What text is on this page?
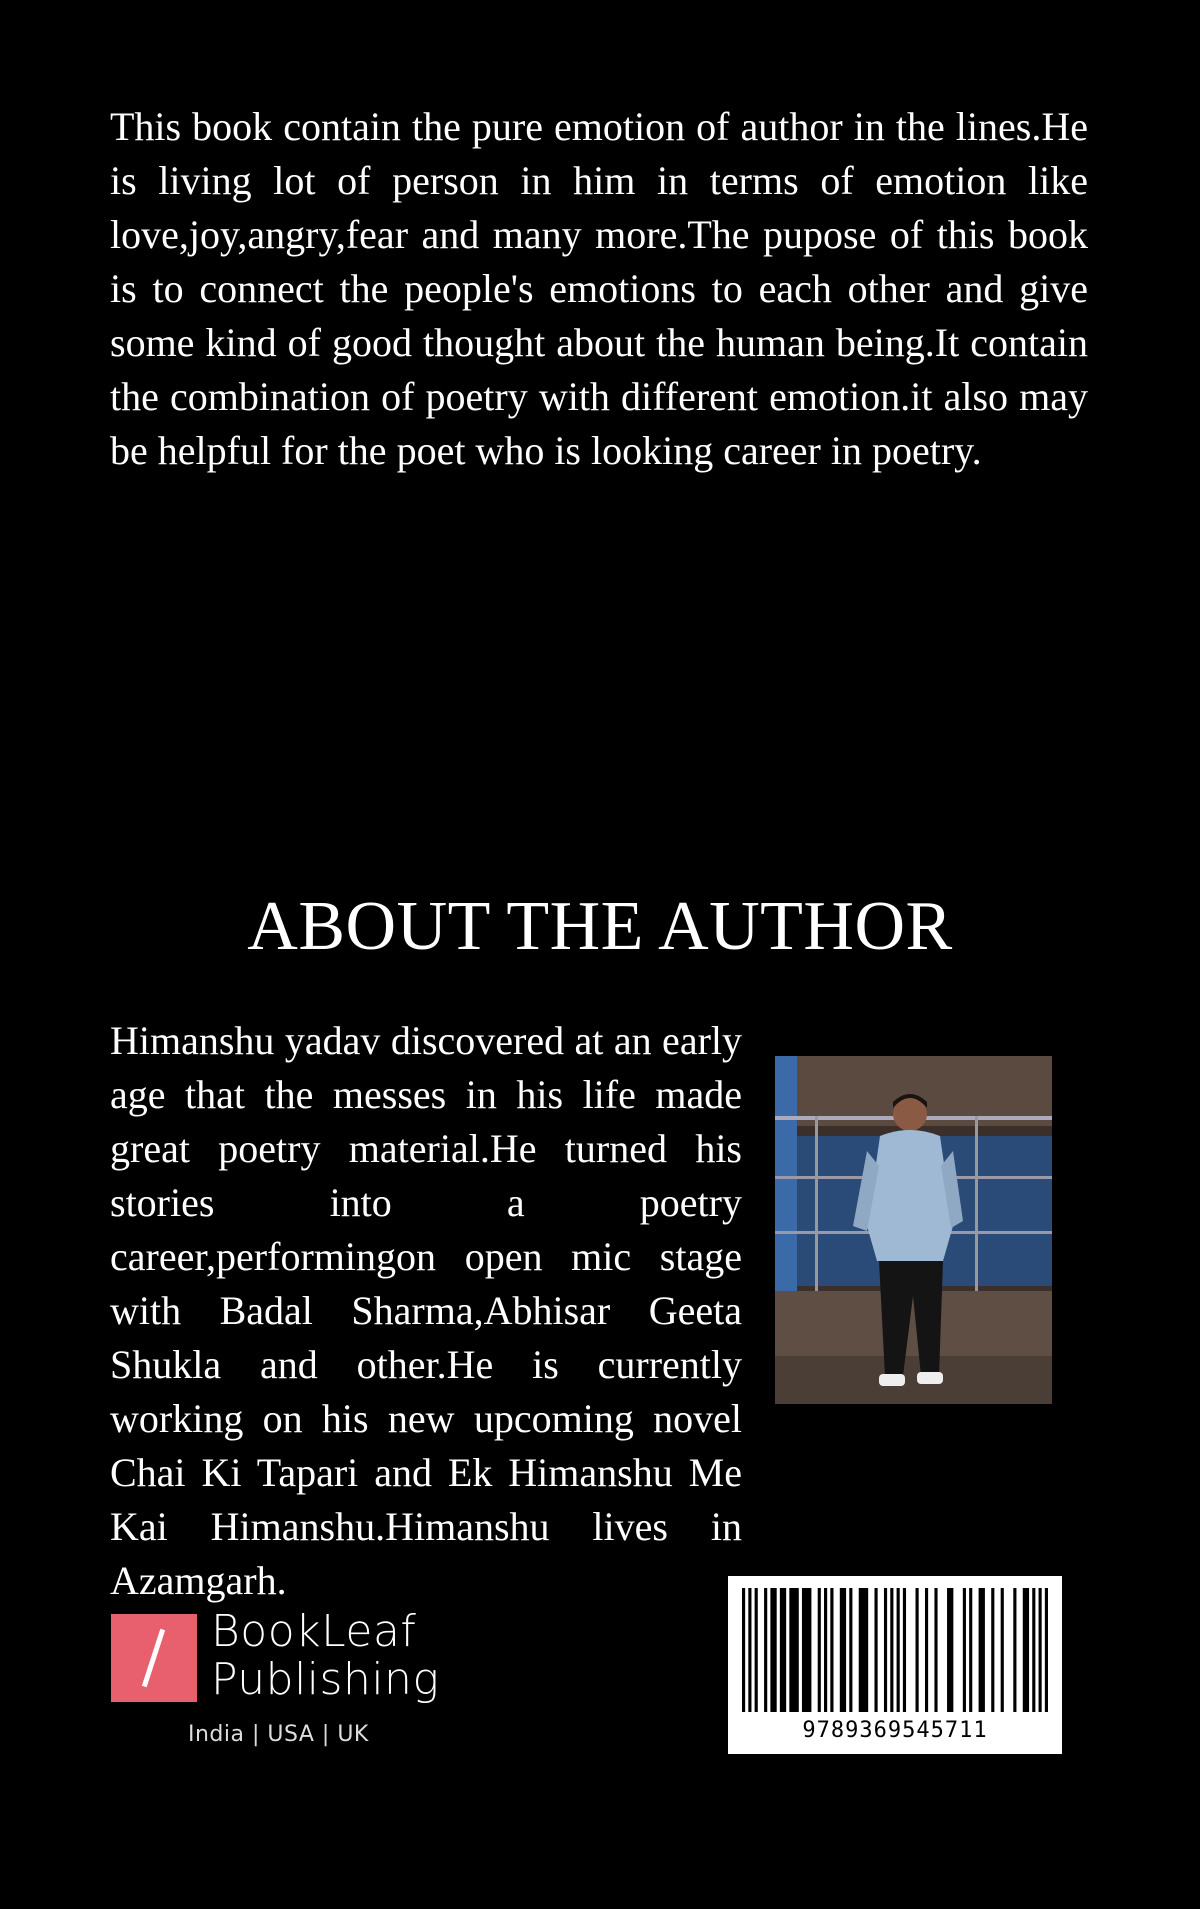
This book contain the pure emotion of author in the lines.He is living lot of person in him in terms of emotion like love,joy,angry,fear and many more.The pupose of this book is to connect the people's emotions to each other and give some kind of good thought about the human being.It contain the combination of poetry with different emotion.it also may be helpful for the poet who is looking career in poetry.

ABOUT THE AUTHOR

Himanshu yadav discovered at an early age that the messes in his life made great poetry material.He turned his stories into a poetry career,performingon open mic stage with Badal Sharma,Abhisar Geeta Shukla and other.He is currently working on his new upcoming novel Chai Ki Tapari and Ek Himanshu Me Kai Himanshu.Himanshu lives in Azamgarh.

BookLeaf
Publishing
India | USA | UK	9789369545711
